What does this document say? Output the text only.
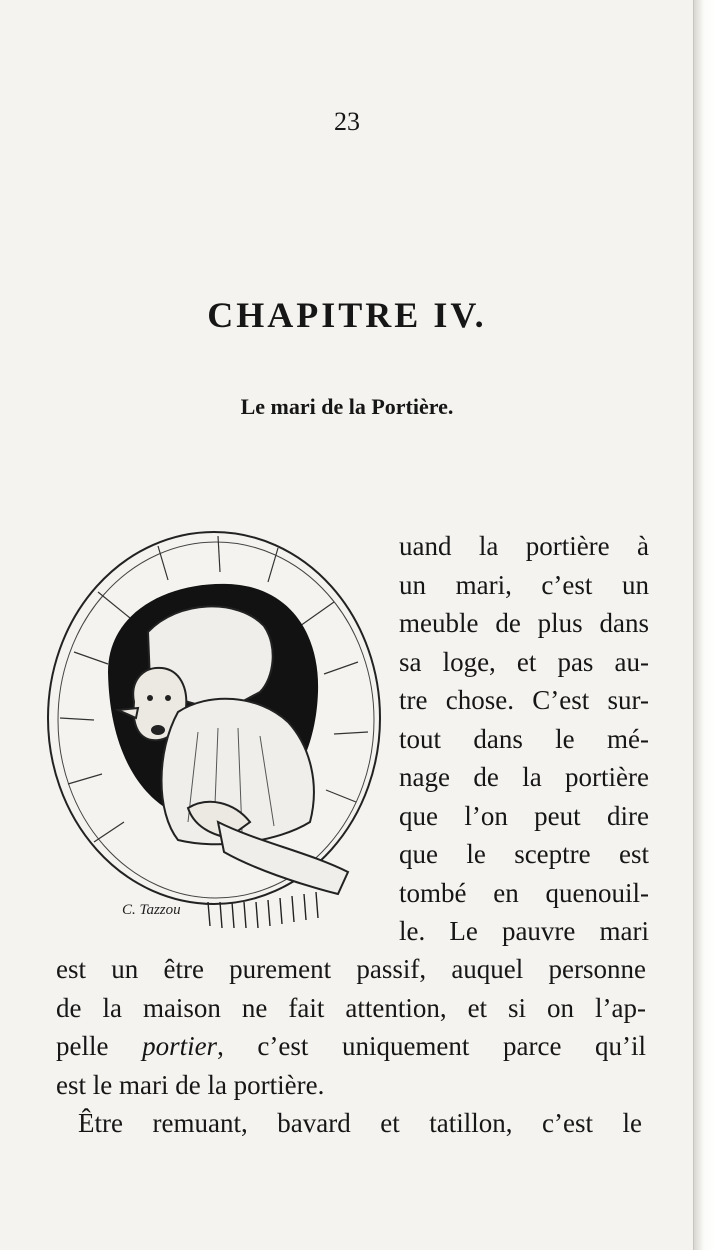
23
CHAPITRE IV.
Le mari de la Portière.
C. Tazzou
uand la portière à
un mari, c’est un
meuble de plus dans
sa loge, et pas au-
tre chose. C’est sur-
tout dans le mé-
nage de la portière
que l’on peut dire
que le sceptre est
tombé en quenouil-
le. Le pauvre mari
est un être purement passif, auquel personne
de la maison ne fait attention, et si on l’ap-
pelle portier, c’est uniquement parce qu’il
est le mari de la portière.
Être remuant, bavard et tatillon, c’est le
